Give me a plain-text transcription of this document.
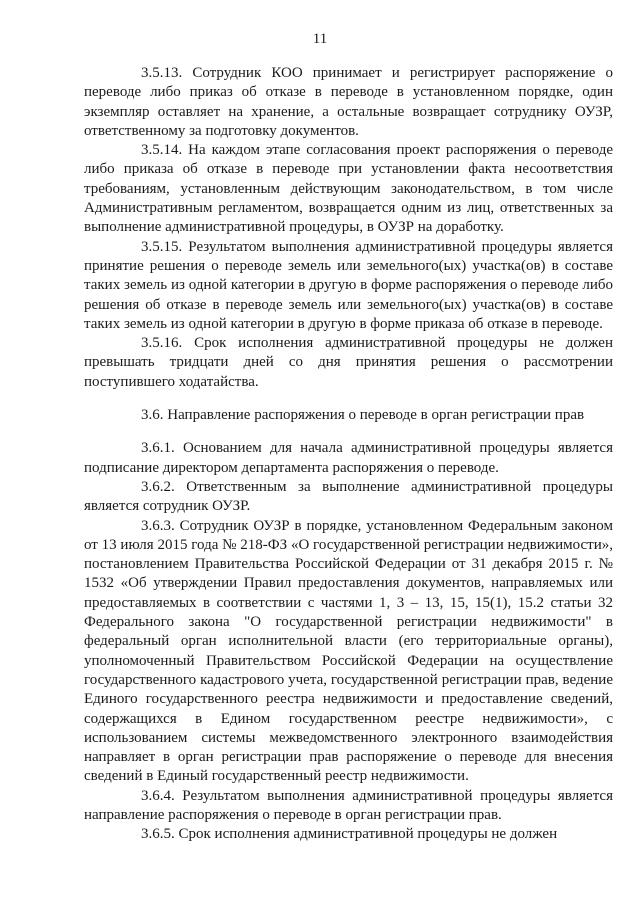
11

3.5.13. Сотрудник КОО принимает и регистрирует распоряжение о переводе либо приказ об отказе в переводе в установленном порядке, один экземпляр оставляет на хранение, а остальные возвращает сотруднику ОУЗР, ответственному за подготовку документов.

3.5.14. На каждом этапе согласования проект распоряжения о переводе либо приказа об отказе в переводе при установлении факта несоответствия требованиям, установленным действующим законодательством, в том числе Административным регламентом, возвращается одним из лиц, ответственных за выполнение административной процедуры, в ОУЗР на доработку.

3.5.15. Результатом выполнения административной процедуры является принятие решения о переводе земель или земельного(ых) участка(ов) в составе таких земель из одной категории в другую в форме распоряжения о переводе либо решения об отказе в переводе земель или земельного(ых) участка(ов) в составе таких земель из одной категории в другую в форме приказа об отказе в переводе.

3.5.16. Срок исполнения административной процедуры не должен превышать тридцати дней со дня принятия решения о рассмотрении поступившего ходатайства.

3.6. Направление распоряжения о переводе в орган регистрации прав

3.6.1. Основанием для начала административной процедуры является подписание директором департамента распоряжения о переводе.

3.6.2. Ответственным за выполнение административной процедуры является сотрудник ОУЗР.

3.6.3. Сотрудник ОУЗР в порядке, установленном Федеральным законом от 13 июля 2015 года № 218-ФЗ «О государственной регистрации недвижимости», постановлением Правительства Российской Федерации от 31 декабря 2015 г. № 1532 «Об утверждении Правил предоставления документов, направляемых или предоставляемых в соответствии с частями 1, 3 – 13, 15, 15(1), 15.2 статьи 32 Федерального закона "О государственной регистрации недвижимости" в федеральный орган исполнительной власти (его территориальные органы), уполномоченный Правительством Российской Федерации на осуществление государственного кадастрового учета, государственной регистрации прав, ведение Единого государственного реестра недвижимости и предоставление сведений, содержащихся в Едином государственном реестре недвижимости», с использованием системы межведомственного электронного взаимодействия направляет в орган регистрации прав распоряжение о переводе для внесения сведений в Единый государственный реестр недвижимости.

3.6.4. Результатом выполнения административной процедуры является направление распоряжения о переводе в орган регистрации прав.

3.6.5. Срок исполнения административной процедуры не должен
